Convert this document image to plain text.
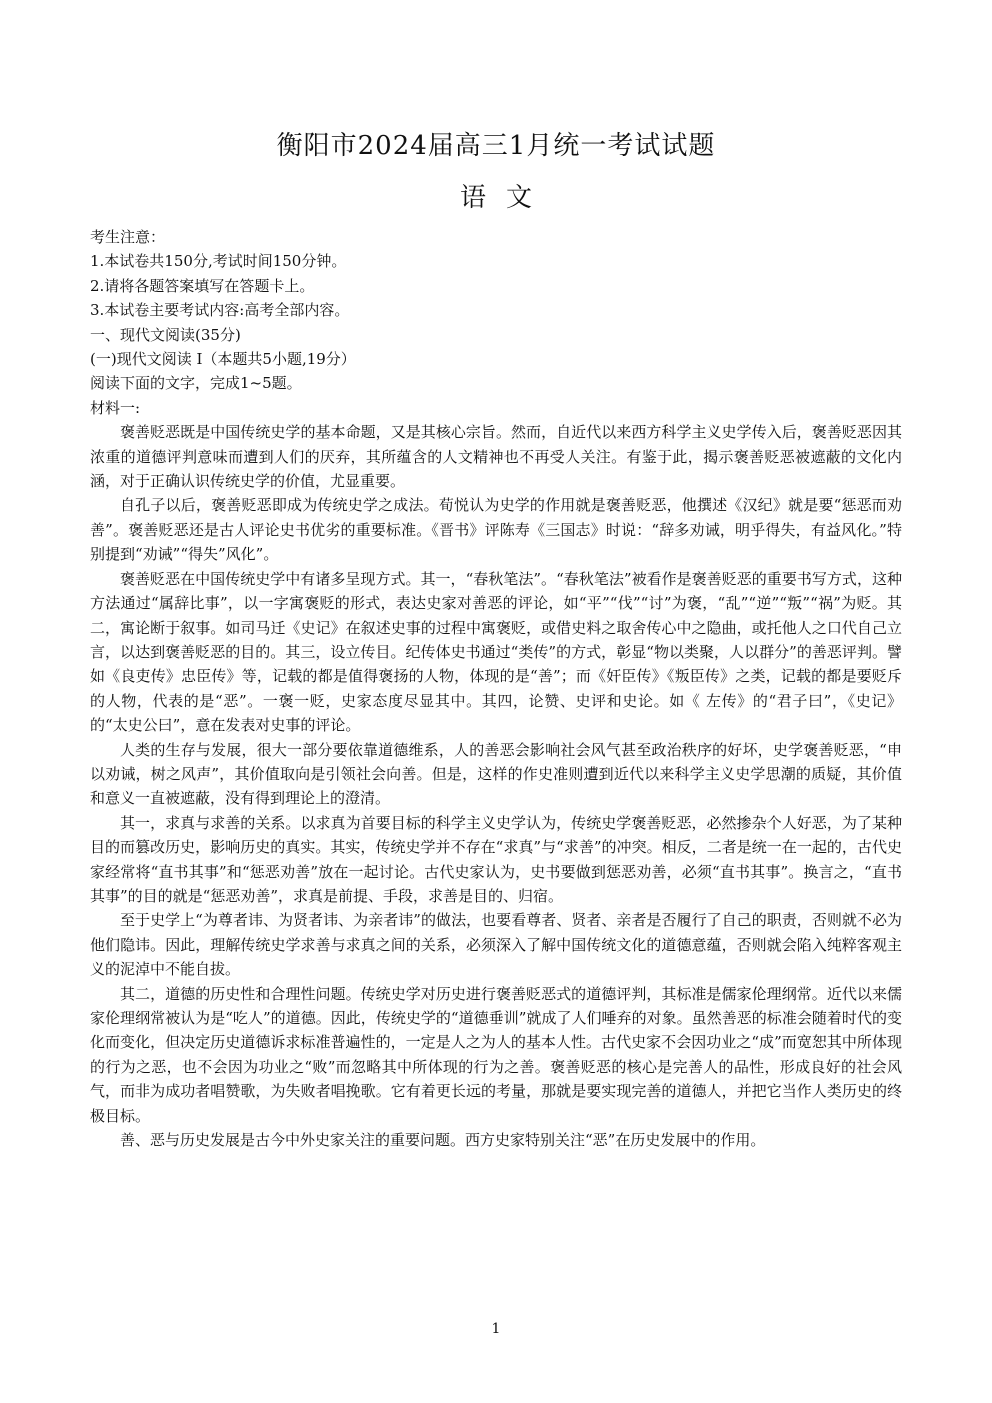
衡阳市2024届高三1月统一考试试题
语文
考生注意：
1.本试卷共150分,考试时间150分钟。
2.请将各题答案填写在答题卡上。
3.本试卷主要考试内容:高考全部内容。
一、现代文阅读(35分)
(一)现代文阅读 I（本题共5小题,19分）
阅读下面的文字，完成1~5题。
材料一:

褒善贬恶既是中国传统史学的基本命题，又是其核心宗旨。然而，自近代以来西方科学主义史学传入后，褒善贬恶因其浓重的道德评判意味而遭到人们的厌弃，其所蕴含的人文精神也不再受人关注。有鉴于此，揭示褒善贬恶被遮蔽的文化内涵，对于正确认识传统史学的价值，尤显重要。

自孔子以后，褒善贬恶即成为传统史学之成法。荀悦认为史学的作用就是褒善贬恶，他撰述《汉纪》就是要“惩恶而劝善”。褒善贬恶还是古人评论史书优劣的重要标准。《晋书》评陈寿《三国志》时说：“辞多劝诫，明乎得失，有益风化。”特别提到“劝诫”“得失”风化”。

褒善贬恶在中国传统史学中有诸多呈现方式。其一，“春秋笔法”。“春秋笔法”被看作是褒善贬恶的重要书写方式，这种方法通过“属辞比事”，以一字寓褒贬的形式，表达史家对善恶的评论，如“平”“伐”“讨”为褒，“乱”“逆”“叛”“祸”为贬。其二，寓论断于叙事。如司马迁《史记》在叙述史事的过程中寓褒贬，或借史料之取舍传心中之隐曲，或托他人之口代自己立言，以达到褒善贬恶的目的。其三，设立传目。纪传体史书通过“类传”的方式，彰显“物以类聚，人以群分”的善恶评判。譬如《良吏传》忠臣传》等，记载的都是值得褒扬的人物，体现的是“善”；而《奸臣传》《叛臣传》之类，记载的都是要贬斥的人物，代表的是“恶”。一褒一贬，史家态度尽显其中。其四，论赞、史评和史论。如《 左传》的“君子曰”，《史记》的“太史公曰”，意在发表对史事的评论。

人类的生存与发展，很大一部分要依靠道德维系，人的善恶会影响社会风气甚至政治秩序的好坏，史学褒善贬恶，“申以劝诫，树之风声”，其价值取向是引领社会向善。但是，这样的作史准则遭到近代以来科学主义史学思潮的质疑，其价值和意义一直被遮蔽，没有得到理论上的澄清。

其一，求真与求善的关系。以求真为首要目标的科学主义史学认为，传统史学褒善贬恶，必然掺杂个人好恶，为了某种目的而篡改历史，影响历史的真实。其实，传统史学并不存在“求真”与“求善”的冲突。相反，二者是统一在一起的，古代史家经常将“直书其事”和“惩恶劝善”放在一起讨论。古代史家认为，史书要做到惩恶劝善，必须“直书其事”。换言之，“直书其事”的目的就是“惩恶劝善”，求真是前提、手段，求善是目的、归宿。

至于史学上“为尊者讳、为贤者讳、为亲者讳”的做法，也要看尊者、贤者、亲者是否履行了自己的职责，否则就不必为他们隐讳。因此，理解传统史学求善与求真之间的关系，必须深入了解中国传统文化的道德意蕴，否则就会陷入纯粹客观主义的泥淖中不能自拔。

其二，道德的历史性和合理性问题。传统史学对历史进行褒善贬恶式的道德评判，其标准是儒家伦理纲常。近代以来儒家伦理纲常被认为是“吃人”的道德。因此，传统史学的“道德垂训”就成了人们唾弃的对象。虽然善恶的标准会随着时代的变化而变化，但决定历史道德诉求标准普遍性的，一定是人之为人的基本人性。古代史家不会因功业之“成”而宽恕其中所体现的行为之恶，也不会因为功业之“败”而忽略其中所体现的行为之善。褒善贬恶的核心是完善人的品性，形成良好的社会风气，而非为成功者唱赞歌，为失败者唱挽歌。它有着更长远的考量，那就是要实现完善的道德人，并把它当作人类历史的终极目标。

善、恶与历史发展是古今中外史家关注的重要问题。西方史家特别关注“恶”在历史发展中的作用。

1
